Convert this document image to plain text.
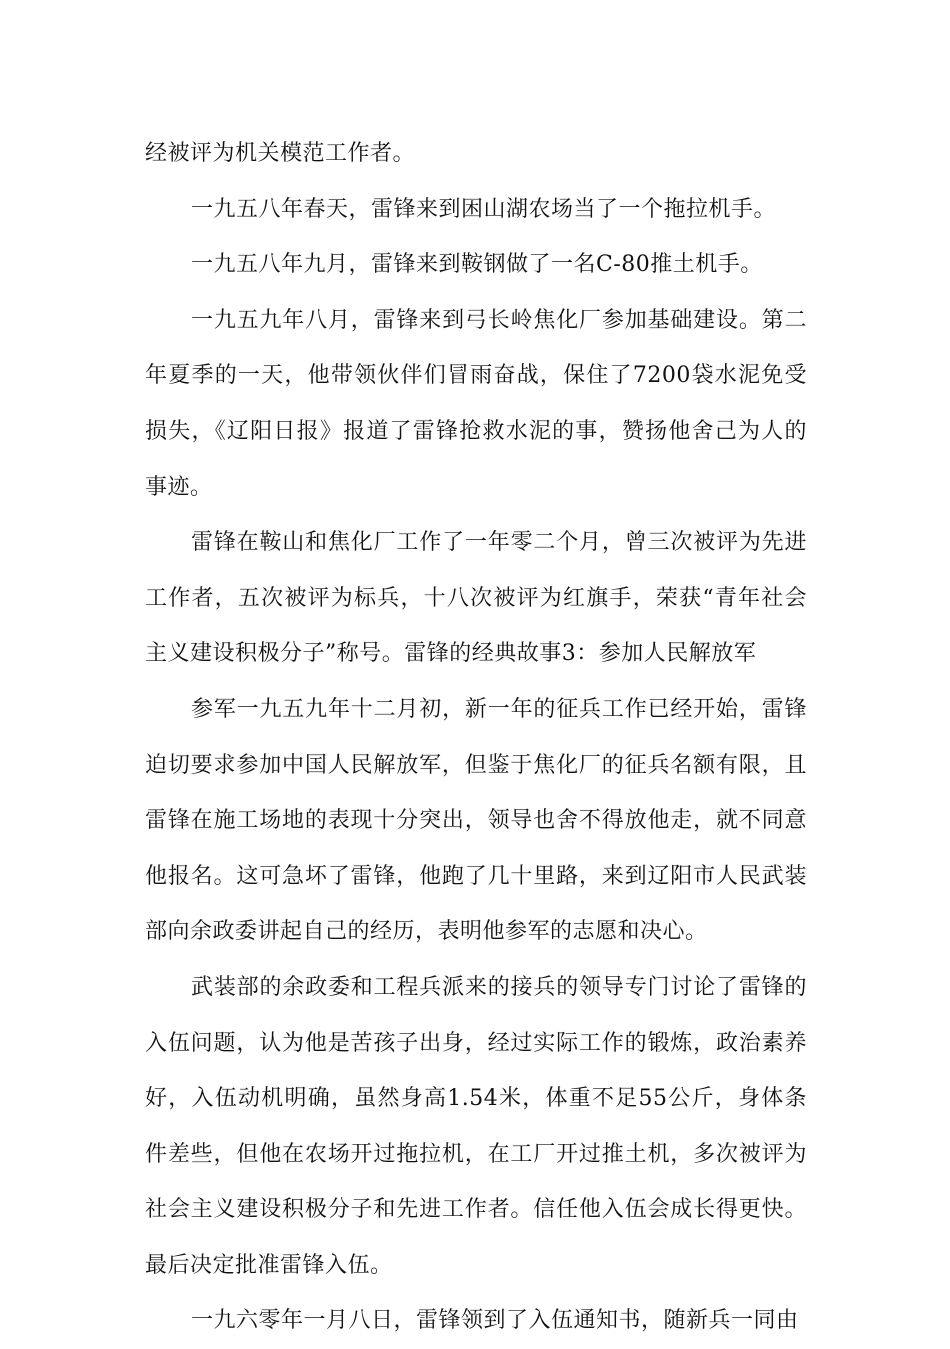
经被评为机关模范工作者。

一九五八年春天，雷锋来到困山湖农场当了一个拖拉机手。

一九五八年九月，雷锋来到鞍钢做了一名C-80推土机手。

一九五九年八月，雷锋来到弓长岭焦化厂参加基础建设。第二年夏季的一天，他带领伙伴们冒雨奋战，保住了7200袋水泥免受损失，《辽阳日报》报道了雷锋抢救水泥的事，赞扬他舍己为人的事迹。

雷锋在鞍山和焦化厂工作了一年零二个月，曾三次被评为先进工作者，五次被评为标兵，十八次被评为红旗手，荣获“青年社会主义建设积极分子”称号。雷锋的经典故事3：参加人民解放军

参军一九五九年十二月初，新一年的征兵工作已经开始，雷锋迫切要求参加中国人民解放军，但鉴于焦化厂的征兵名额有限，且雷锋在施工场地的表现十分突出，领导也舍不得放他走，就不同意他报名。这可急坏了雷锋，他跑了几十里路，来到辽阳市人民武装部向余政委讲起自己的经历，表明他参军的志愿和决心。

武装部的余政委和工程兵派来的接兵的领导专门讨论了雷锋的入伍问题，认为他是苦孩子出身，经过实际工作的锻炼，政治素养好，入伍动机明确，虽然身高1.54米，体重不足55公斤，身体条件差些，但他在农场开过拖拉机，在工厂开过推土机，多次被评为社会主义建设积极分子和先进工作者。信任他入伍会成长得更快。最后决定批准雷锋入伍。

一九六零年一月八日，雷锋领到了入伍通知书，随新兵一同由
